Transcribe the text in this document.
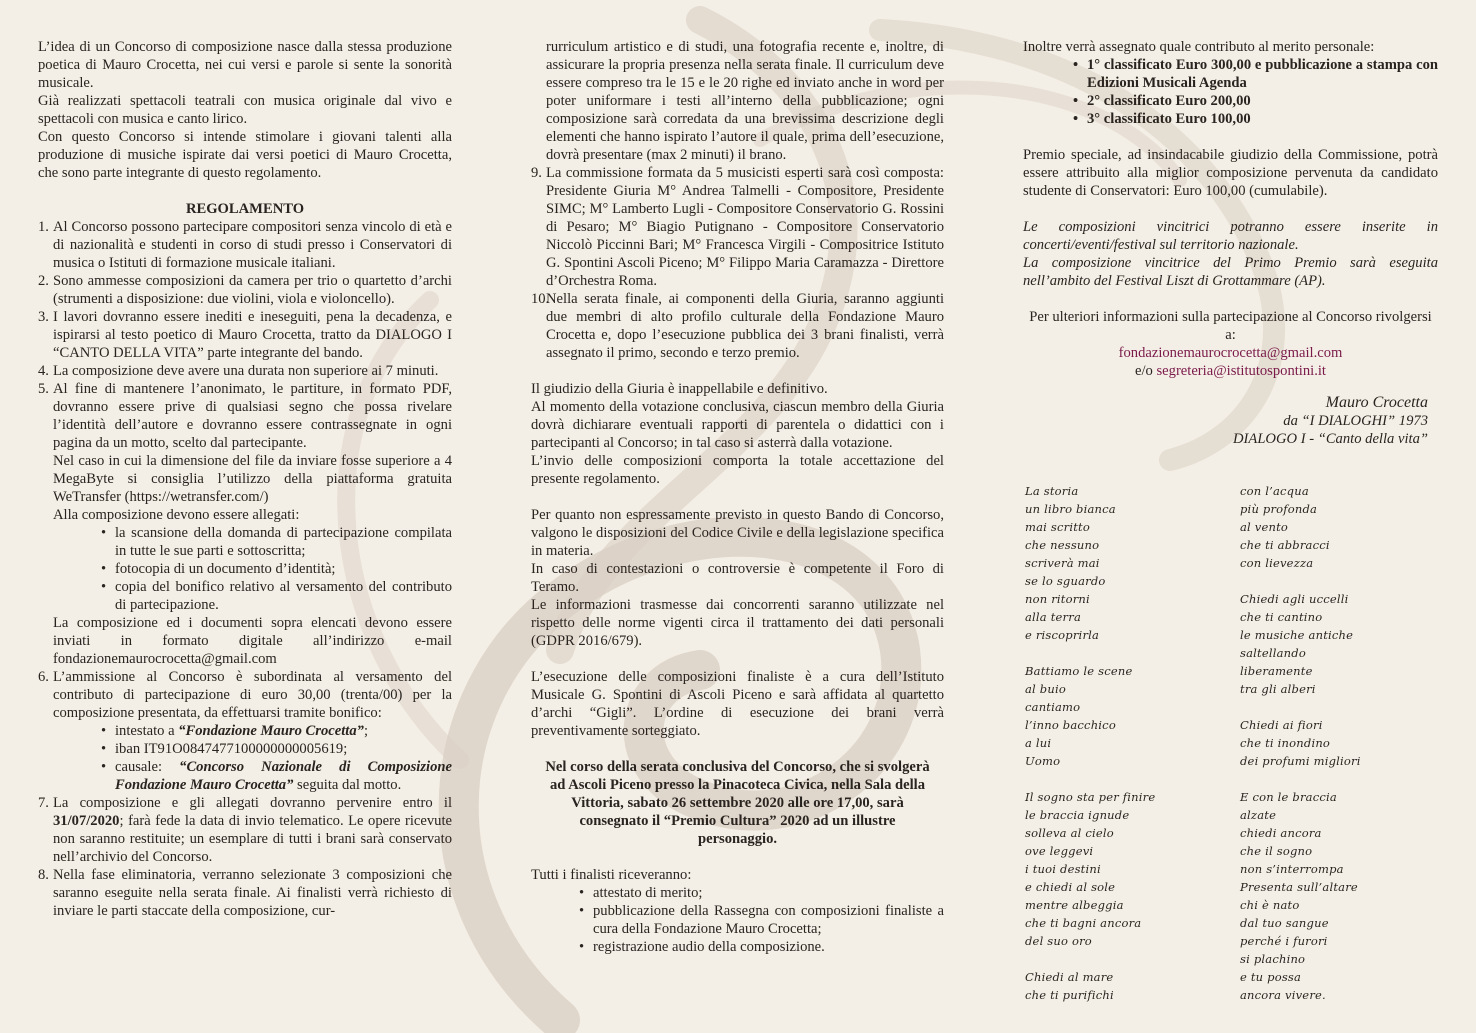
L’idea di un Concorso di composizione nasce dalla stessa produzione poetica di Mauro Crocetta, nei cui versi e parole si sente la sonorità musicale.

Già realizzati spettacoli teatrali con musica originale dal vivo e spettacoli con musica e canto lirico.

Con questo Concorso si intende stimolare i giovani talenti alla produzione di musiche ispirate dai versi poetici di Mauro Crocetta, che sono parte integrante di questo regolamento.

REGOLAMENTO

1. Al Concorso possono partecipare compositori senza vincolo di età e di nazionalità e studenti in corso di studi presso i Conservatori di musica o Istituti di formazione musicale italiani.
2. Sono ammesse composizioni da camera per trio o quartetto d’archi (strumenti a disposizione: due violini, viola e violoncello).
3. I lavori dovranno essere inediti e ineseguiti, pena la decadenza, e ispirarsi al testo poetico di Mauro Crocetta, tratto da DIALOGO I “CANTO DELLA VITA” parte integrante del bando.
4. La composizione deve avere una durata non superiore ai 7 minuti.
5. Al fine di mantenere l’anonimato, le partiture, in formato PDF, dovranno essere prive di qualsiasi segno che possa rivelare l’identità dell’autore e dovranno essere contrassegnate in ogni pagina da un motto, scelto dal partecipante.

Nel caso in cui la dimensione del file da inviare fosse superiore a 4 MegaByte si consiglia l’utilizzo della piattaforma gratuita WeTransfer (https://wetransfer.com/)

Alla composizione devono essere allegati:

• la scansione della domanda di partecipazione compilata in tutte le sue parti e sottoscritta;
• fotocopia di un documento d’identità;
• copia del bonifico relativo al versamento del contributo di partecipazione.

La composizione ed i documenti sopra elencati devono essere inviati in formato digitale all’indirizzo e-mail fondazionemaurocrocetta@gmail.com

6. L’ammissione al Concorso è subordinata al versamento del contributo di partecipazione di euro 30,00 (trenta/00) per la composizione presentata, da effettuarsi tramite bonifico:
• intestato a “Fondazione Mauro Crocetta”;
• iban IT91O0847477100000000005619;
• causale: “Concorso Nazionale di Composizione Fondazione Mauro Crocetta” seguita dal motto.
7. La composizione e gli allegati dovranno pervenire entro il 31/07/2020; farà fede la data di invio telematico. Le opere ricevute non saranno restituite; un esemplare di tutti i brani sarà conservato nell’archivio del Concorso.
8. Nella fase eliminatoria, verranno selezionate 3 composizioni che saranno eseguite nella serata finale. Ai finalisti verrà richiesto di inviare le parti staccate della composizione, cur-

rurriculum artistico e di studi, una fotografia recente e, inoltre, di assicurare la propria presenza nella serata finale. Il curriculum deve essere compreso tra le 15 e le 20 righe ed inviato anche in word per poter uniformare i testi all’interno della pubblicazione; ogni composizione sarà corredata da una brevissima descrizione degli elementi che hanno ispirato l’autore il quale, prima dell’esecuzione, dovrà presentare (max 2 minuti) il brano.

9. La commissione formata da 5 musicisti esperti sarà così composta: Presidente Giuria M° Andrea Talmelli - Compositore, Presidente SIMC; M° Lamberto Lugli - Compositore Conservatorio G. Rossini di Pesaro; M° Biagio Putignano - Compositore Conservatorio Niccolò Piccinni Bari; M° Francesca Virgili - Compositrice Istituto G. Spontini Ascoli Piceno; M° Filippo Maria Caramazza - Direttore d’Orchestra Roma.
10.
Nella serata finale, ai componenti della Giuria, saranno aggiunti due membri di alto profilo culturale della Fondazione Mauro Crocetta e, dopo l’esecuzione pubblica dei 3 brani finalisti, verrà assegnato il primo, secondo e terzo premio.

Il giudizio della Giuria è inappellabile e definitivo.

Al momento della votazione conclusiva, ciascun membro della Giuria dovrà dichiarare eventuali rapporti di parentela o didattici con i partecipanti al Concorso; in tal caso si asterrà dalla votazione.

L’invio delle composizioni comporta la totale accettazione del presente regolamento.

Per quanto non espressamente previsto in questo Bando di Concorso, valgono le disposizioni del Codice Civile e della legislazione specifica in materia.

In caso di contestazioni o controversie è competente il Foro di Teramo.

Le informazioni trasmesse dai concorrenti saranno utilizzate nel rispetto delle norme vigenti circa il trattamento dei dati personali (GDPR 2016/679).

L’esecuzione delle composizioni finaliste è a cura dell’Istituto Musicale G. Spontini di Ascoli Piceno e sarà affidata al quartetto d’archi “Gigli”. L’ordine di esecuzione dei brani verrà preventivamente sorteggiato.

Nel corso della serata conclusiva del Concorso, che si svolgerà ad Ascoli Piceno presso la Pinacoteca Civica, nella Sala della Vittoria, sabato 26 settembre 2020 alle ore 17,00, sarà consegnato il “Premio Cultura” 2020 ad un illustre personaggio.

Tutti i finalisti riceveranno:

• attestato di merito;
• pubblicazione della Rassegna con composizioni finaliste a cura della Fondazione Mauro Crocetta;
• registrazione audio della composizione.

Inoltre verrà assegnato quale contributo al merito personale:

• 1° classificato Euro 300,00 e pubblicazione a stampa con Edizioni Musicali Agenda
• 2° classificato Euro 200,00
• 3° classificato Euro 100,00

Premio speciale, ad insindacabile giudizio della Commissione, potrà essere attribuito alla miglior composizione pervenuta da candidato studente di Conservatori: Euro 100,00 (cumulabile).

Le composizioni vincitrici potranno essere inserite in concerti/eventi/festival sul territorio nazionale.

La composizione vincitrice del Primo Premio sarà eseguita nell’ambito del Festival Liszt di Grottammare (AP).

Per ulteriori informazioni sulla partecipazione al Concorso rivolgersi a:

fondazionemaurocrocetta@gmail.com

e/o segreteria@istitutospontini.it

Mauro Crocetta

da “I DIALOGHI” 1973

DIALOGO I - “Canto della vita”

La storia
un libro bianca
mai scritto
che nessuno
scriverà mai
se lo sguardo
non ritorni
alla terra
e riscoprirla
Battiamo le scene
al buio
cantiamo
l’inno bacchico
a lui
Uomo
Il sogno sta per finire
le braccia ignude
solleva al cielo
ove leggevi
i tuoi destini
e chiedi al sole
mentre albeggia
che ti bagni ancora
del suo oro
Chiedi al mare
che ti purifichi
con l’acqua
più profonda
al vento
che ti abbracci
con lievezza
Chiedi agli uccelli
che ti cantino
le musiche antiche
saltellando
liberamente
tra gli alberi
Chiedi ai fiori
che ti inondino
dei profumi migliori
E con le braccia
alzate
chiedi ancora
che il sogno
non s’interrompa
Presenta sull’altare
chi è nato
dal tuo sangue
perché i furori
si plachino
e tu possa
ancora vivere.
